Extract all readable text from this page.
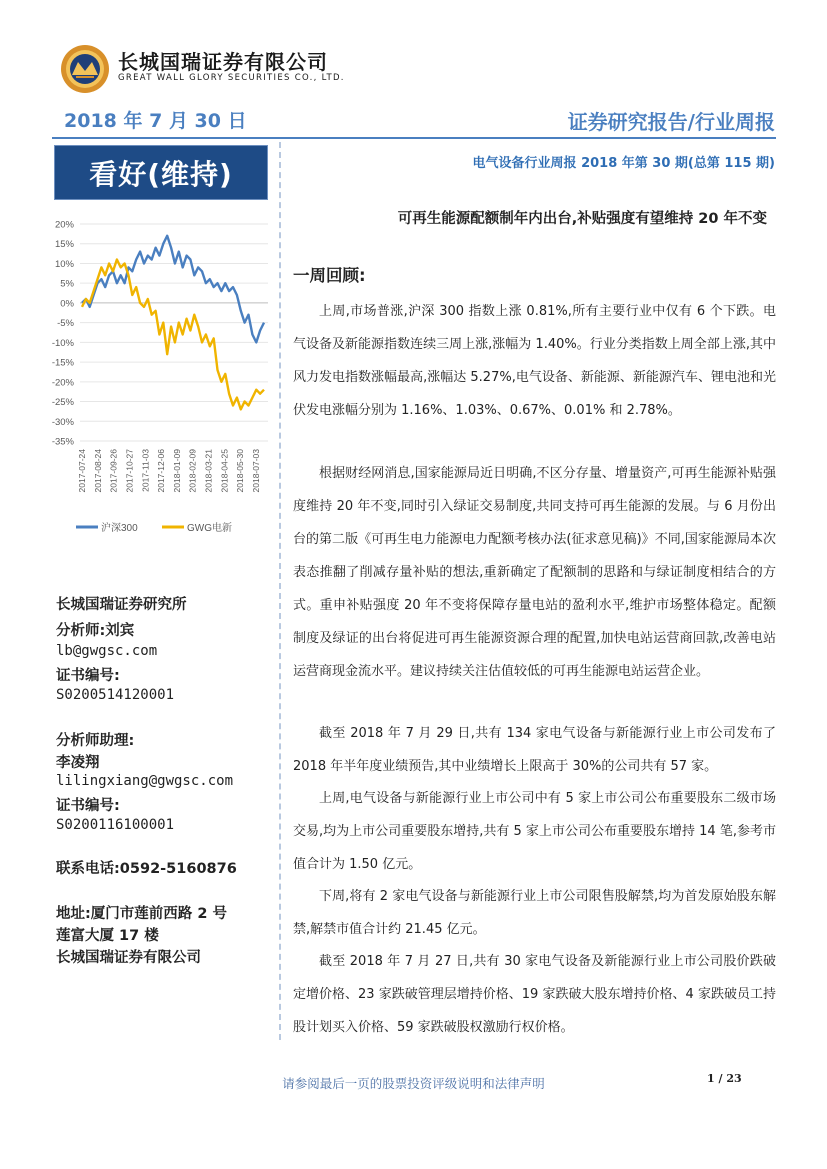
长城国瑞证券有限公司
GREAT WALL GLORY SECURITIES CO., LTD.
2018 年 7 月 30 日	证券研究报告/行业周报
看好(维持)
20%
15%
10%
5%
0%
-5%
-10%
-15%
-20%
-25%
-30%
-35%
2017-07-24 2017-08-24 2017-09-26 2017-10-27 2017-11-03 2017-12-06 2018-01-09 2018-02-09 2018-03-21 2018-04-25 2018-05-30 2018-07-03
沪深300	GWG电新
长城国瑞证券研究所
分析师:刘宾
lb@gwgsc.com
证书编号:
S0200514120001
分析师助理:
李凌翔
lilingxiang@gwgsc.com
证书编号:
S0200116100001
联系电话:0592-5160876
地址:厦门市莲前西路 2 号
莲富大厦 17 楼
长城国瑞证券有限公司
电气设备行业周报 2018 年第 30 期(总第 115 期)
可再生能源配额制年内出台,补贴强度有望维持 20 年不变
一周回顾:

上周,市场普涨,沪深 300 指数上涨 0.81%,所有主要行业中仅有 6 个下跌。电气设备及新能源指数连续三周上涨,涨幅为 1.40%。行业分类指数上周全部上涨,其中风力发电指数涨幅最高,涨幅达 5.27%,电气设备、新能源、新能源汽车、锂电池和光伏发电涨幅分别为 1.16%、1.03%、0.67%、0.01% 和 2.78%。

根据财经网消息,国家能源局近日明确,不区分存量、增量资产,可再生能源补贴强度维持 20 年不变,同时引入绿证交易制度,共同支持可再生能源的发展。与 6 月份出台的第二版《可再生电力能源电力配额考核办法(征求意见稿)》不同,国家能源局本次表态推翻了削减存量补贴的想法,重新确定了配额制的思路和与绿证制度相结合的方式。重申补贴强度 20 年不变将保障存量电站的盈利水平,维护市场整体稳定。配额制度及绿证的出台将促进可再生能源资源合理的配置,加快电站运营商回款,改善电站运营商现金流水平。建议持续关注估值较低的可再生能源电站运营企业。

截至 2018 年 7 月 29 日,共有 134 家电气设备与新能源行业上市公司发布了 2018 年半年度业绩预告,其中业绩增长上限高于 30%的公司共有 57 家。

上周,电气设备与新能源行业上市公司中有 5 家上市公司公布重要股东二级市场交易,均为上市公司重要股东增持,共有 5 家上市公司公布重要股东增持 14 笔,参考市值合计为 1.50 亿元。

下周,将有 2 家电气设备与新能源行业上市公司限售股解禁,均为首发原始股东解禁,解禁市值合计约 21.45 亿元。

截至 2018 年 7 月 27 日,共有 30 家电气设备及新能源行业上市公司股价跌破定增价格、23 家跌破管理层增持价格、19 家跌破大股东增持价格、4 家跌破员工持股计划买入价格、59 家跌破股权激励行权价格。

请参阅最后一页的股票投资评级说明和法律声明	1 / 23
